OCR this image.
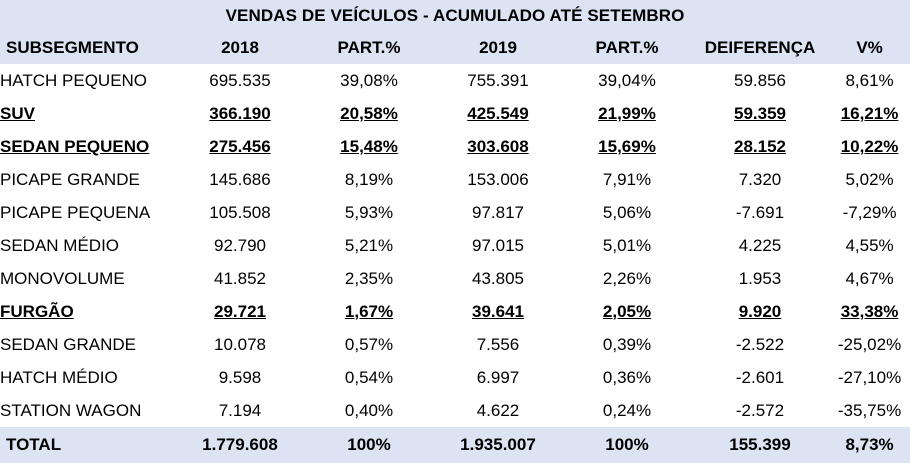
VENDAS DE VEÍCULOS - ACUMULADO ATÉ SETEMBRO						
SUBSEGMENTO	2018	PART.%	2019	PART.%	DEIFERENÇA	V%
HATCH PEQUENO	695.535	39,08%	755.391	39,04%	59.856	8,61%
SUV	366.190	20,58%	425.549	21,99%	59.359	16,21%
SEDAN PEQUENO	275.456	15,48%	303.608	15,69%	28.152	10,22%
PICAPE GRANDE	145.686	8,19%	153.006	7,91%	7.320	5,02%
PICAPE PEQUENA	105.508	5,93%	97.817	5,06%	-7.691	-7,29%
SEDAN MÉDIO	92.790	5,21%	97.015	5,01%	4.225	4,55%
MONOVOLUME	41.852	2,35%	43.805	2,26%	1.953	4,67%
FURGÃO	29.721	1,67%	39.641	2,05%	9.920	33,38%
SEDAN GRANDE	10.078	0,57%	7.556	0,39%	-2.522	-25,02%
HATCH MÉDIO	9.598	0,54%	6.997	0,36%	-2.601	-27,10%
STATION WAGON	7.194	0,40%	4.622	0,24%	-2.572	-35,75%
TOTAL	1.779.608	100%	1.935.007	100%	155.399	8,73%
